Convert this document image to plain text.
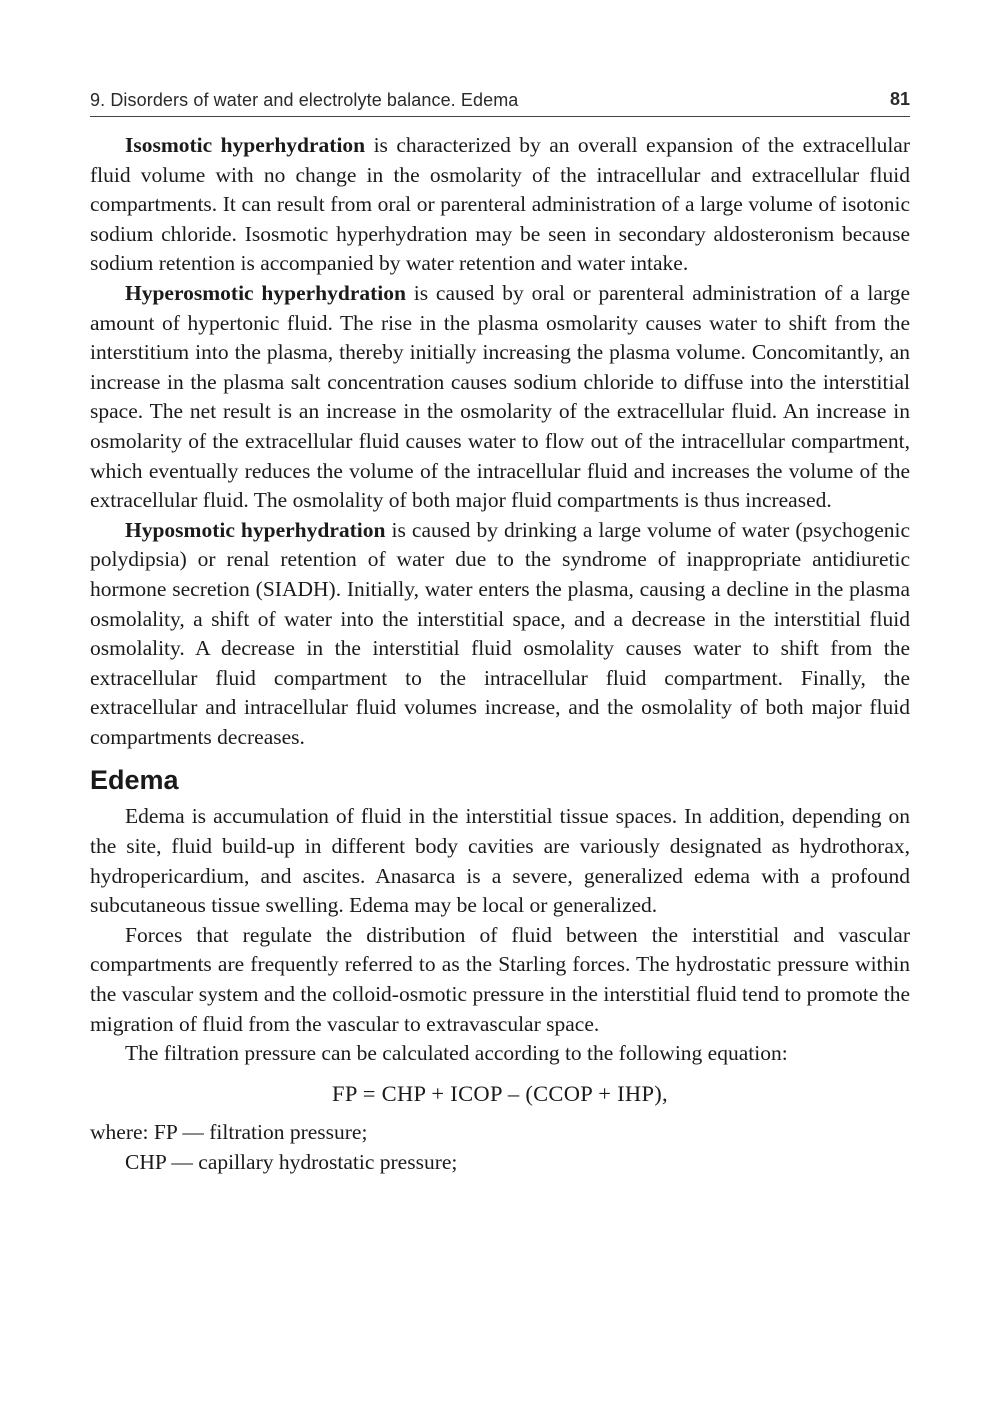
9. Disorders of water and electrolyte balance. Edema	81

Isosmotic hyperhydration is characterized by an overall expansion of the extracellular fluid volume with no change in the osmolarity of the intracellular and extracellular fluid compartments. It can result from oral or parenteral administration of a large volume of isotonic sodium chloride. Isosmotic hyperhydration may be seen in secondary aldosteronism because sodium retention is accompanied by water retention and water intake.

Hyperosmotic hyperhydration is caused by oral or parenteral administration of a large amount of hypertonic fluid. The rise in the plasma osmolarity causes water to shift from the interstitium into the plasma, thereby initially increasing the plasma volume. Concomitantly, an increase in the plasma salt concentration causes sodium chloride to diffuse into the interstitial space. The net result is an increase in the osmolarity of the extracellular fluid. An increase in osmolarity of the extracellular fluid causes water to flow out of the intracellular compartment, which eventually reduces the volume of the intracellular fluid and increases the volume of the extracellular fluid. The osmolality of both major fluid compartments is thus increased.

Hyposmotic hyperhydration is caused by drinking a large volume of water (psychogenic polydipsia) or renal retention of water due to the syndrome of inappropriate antidiuretic hormone secretion (SIADH). Initially, water enters the plasma, causing a decline in the plasma osmolality, a shift of water into the interstitial space, and a decrease in the interstitial fluid osmolality. A decrease in the interstitial fluid osmolality causes water to shift from the extracellular fluid compartment to the intracellular fluid compartment. Finally, the extracellular and intracellular fluid volumes increase, and the osmolality of both major fluid compartments decreases.

Edema

Edema is accumulation of fluid in the interstitial tissue spaces. In addition, depending on the site, fluid build-up in different body cavities are variously designated as hydrothorax, hydropericardium, and ascites. Anasarca is a severe, generalized edema with a profound subcutaneous tissue swelling. Edema may be local or generalized.

Forces that regulate the distribution of fluid between the interstitial and vascular compartments are frequently referred to as the Starling forces. The hydrostatic pressure within the vascular system and the colloid-osmotic pressure in the interstitial fluid tend to promote the migration of fluid from the vascular to extravascular space.

The filtration pressure can be calculated according to the following equation:

FP = CHP + ICOP – (CCOP + IHP),

where: FP — filtration pressure;

CHP — capillary hydrostatic pressure;
